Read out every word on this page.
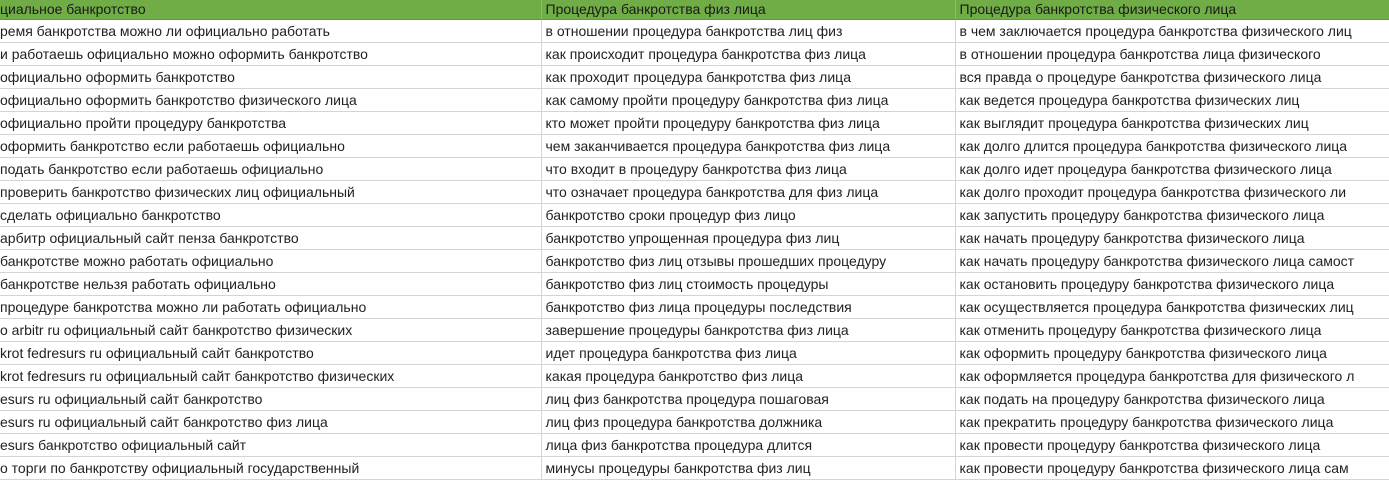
циальное банкротство	Процедура банкротства физ лица	Процедура банкротства физического лица
ремя банкротства можно ли официально работать	в отношении процедура банкротства лиц физ	в чем заключается процедура банкротства физического лиц
и работаешь официально можно оформить банкротство	как происходит процедура банкротства физ лица	в отношении процедура банкротства лица физического
официально оформить банкротство	как проходит процедура банкротства физ лица	вся правда о процедуре банкротства физического лица
официально оформить банкротство физического лица	как самому пройти процедуру банкротства физ лица	как ведется процедура банкротства физических лиц
официально пройти процедуру банкротства	кто может пройти процедуру банкротства физ лица	как выглядит процедура банкротства физических лиц
оформить банкротство если работаешь официально	чем заканчивается процедура банкротства физ лица	как долго длится процедура банкротства физического лица
подать банкротство если работаешь официально	что входит в процедуру банкротства физ лица	как долго идет процедура банкротства физического лица
проверить банкротство физических лиц официальный	что означает процедура банкротства для физ лица	как долго проходит процедура банкротства физического ли
сделать официально банкротство	банкротство сроки процедур физ лицо	как запустить процедуру банкротства физического лица
арбитр официальный сайт пенза банкротство	банкротство упрощенная процедура физ лиц	как начать процедуру банкротства физического лица
банкротстве можно работать официально	банкротство физ лиц отзывы прошедших процедуру	как начать процедуру банкротства физического лица самост
банкротстве нельзя работать официально	банкротство физ лиц стоимость процедуры	как остановить процедуру банкротства физического лица
процедуре банкротства можно ли работать официально	банкротство физ лица процедуры последствия	как осуществляется процедура банкротства физических лиц
о arbitr ru официальный сайт банкротство физических	завершение процедуры банкротства физ лица	как отменить процедуру банкротства физического лица
krot fedresurs ru официальный сайт банкротство	идет процедура банкротства физ лица	как оформить процедуру банкротства физического лица
krot fedresurs ru официальный сайт банкротство физических	какая процедура банкротство физ лица	как оформляется процедура банкротства для физического л
esurs ru официальный сайт банкротство	лиц физ банкротства процедура пошаговая	как подать на процедуру банкротства физического лица
esurs ru официальный сайт банкротство физ лица	лиц физ процедура банкротства должника	как прекратить процедуру банкротства физического лица
esurs банкротство официальный сайт	лица физ банкротства процедура длится	как провести процедуру банкротства физического лица
о торги по банкротству официальный государственный	минусы процедуры банкротства физ лиц	как провести процедуру банкротства физического лица сам
